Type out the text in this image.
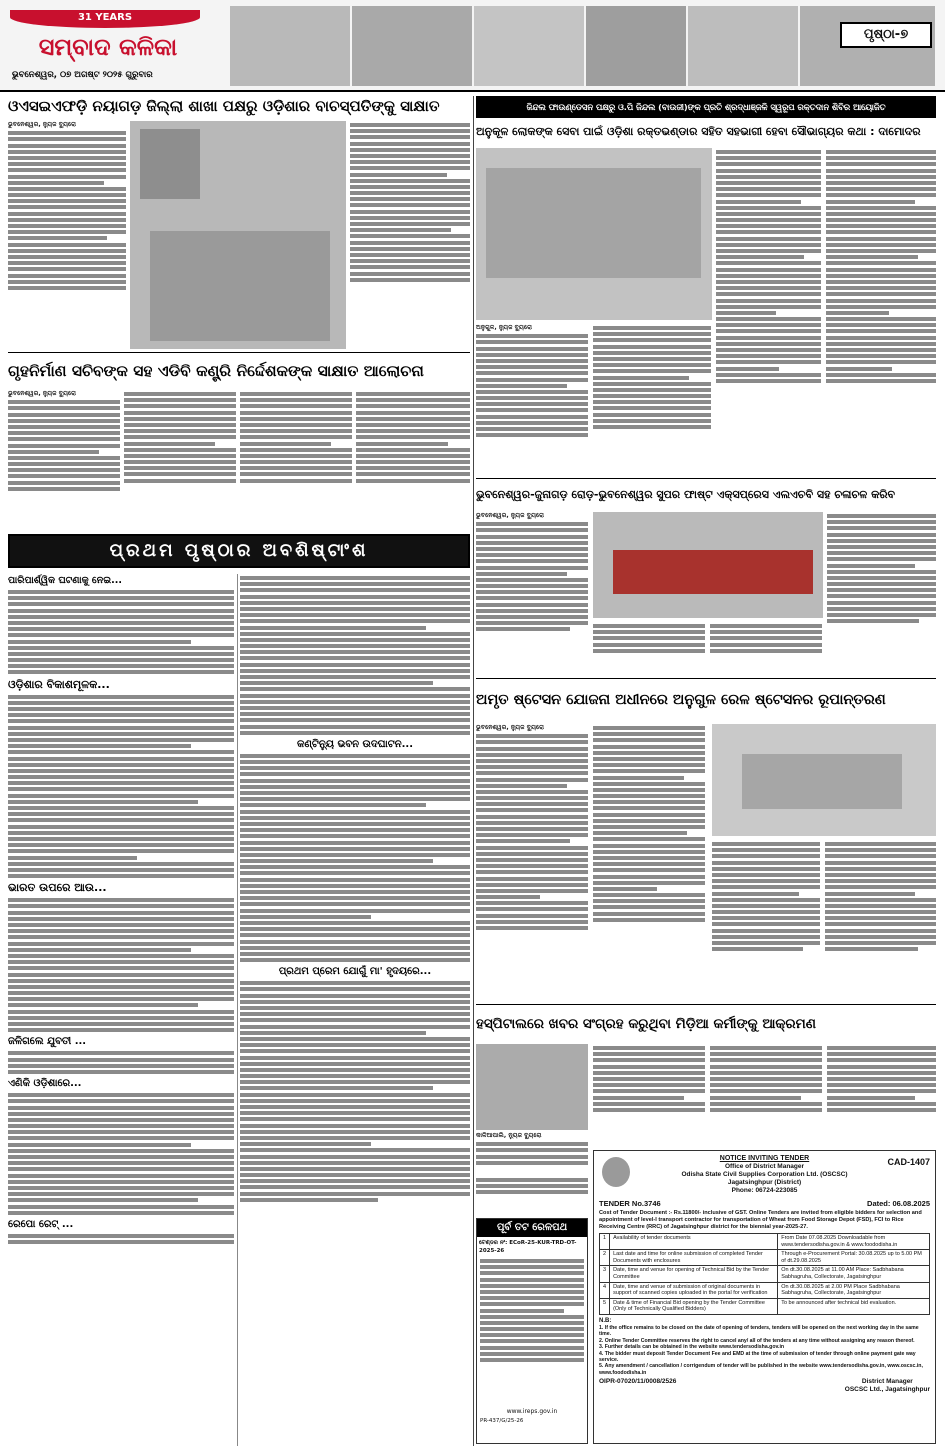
31 YEARS
ସମ୍ବାଦ କଳିକା
ଭୁବନେଶ୍ୱର, ୦୭ ଅଗଷ୍ଟ ୨୦୨୫ ଗୁରୁବାର
ପୃଷ୍ଠା-୭
ଓଏସଇଏଫଡ଼ି ନୟାଗଡ଼ ଜିଲ୍ଲା ଶାଖା ପକ୍ଷରୁ ଓଡ଼ିଶାର ବାଚସ୍ପତିଙ୍କୁ ସାକ୍ଷାତ
ଭୁବନେଶ୍ୱର, ନ୍ୟୁଜ ବ୍ୟୁରୋ
ଜିନ୍ଦଲ ଫାଉଣ୍ଡେସନ ପକ୍ଷରୁ ଓ.ପି ଜିନ୍ଦଲ (ବାଉଜୀ)ଙ୍କ ପ୍ରତି ଶ୍ରଦ୍ଧାଞ୍ଜଳି ସ୍ୱରୂପ ରକ୍ତଦାନ ଶିବିର ଆୟୋଜିତ
ଅନୁକୂଳ ଲୋକଙ୍କ ସେବା ପାଇଁ ଓଡ଼ିଶା ରକ୍ତଭଣ୍ଡାର ସହିତ ସହଭାଗୀ ହେବା ସୌଭାଗ୍ୟର କଥା : ଦାମୋଦର
ଅନୁଗୁଳ, ନ୍ୟୁଜ ବ୍ୟୁରୋ
ଗୃହନିର୍ମାଣ ସଚିବଙ୍କ ସହ ଏଡିବି କଣ୍ଟ୍ରି ନିର୍ଦ୍ଦେଶକଙ୍କ ସାକ୍ଷାତ ଆଲୋଚନା
ଭୁବନେଶ୍ୱର, ନ୍ୟୁଜ ବ୍ୟୁରୋ
ପ୍ରଥମ ପୃଷ୍ଠାର ଅବଶିଷ୍ଟାଂଶ
ପାରିପାର୍ଶ୍ୱିକ ଘଟଣାକୁ ନେଇ...
ଓଡ଼ିଶାର ବିକାଶମୂଳକ...
ଭାରତ ଉପରେ ଆଉ...
ଜଳିଗଲେ ଯୁବତୀ ...
ଏଣିକି ଓଡ଼ିଶାରେ...
ରେପୋ ରେଟ୍ ...
କଣ୍ଟିନ୍ୟୁ ଭବନ ଉଦଘାଟନ...
ପ୍ରଥମ ପ୍ରେମ ଯୋଗୁଁ ମା' ହୃଦୟରେ...
ଭୁବନେଶ୍ୱର-ଜୁନାଗଡ଼ ରୋଡ଼-ଭୁବନେଶ୍ୱର ସୁପର ଫାଷ୍ଟ ଏକ୍ସପ୍ରେସ ଏଲଏଚବି ସହ ଚଳାଚଳ କରିବ
ଭୁବନେଶ୍ୱର, ନ୍ୟୁଜ ବ୍ୟୁରୋ
ଅମୃତ ଷ୍ଟେସନ ଯୋଜନା ଅଧୀନରେ ଅନୁଗୁଳ ରେଳ ଷ୍ଟେସନର ରୂପାନ୍ତରଣ
ଭୁବନେଶ୍ୱର, ନ୍ୟୁଜ ବ୍ୟୁରୋ
ହସ୍ପିଟାଲରେ ଖବର ସଂଗ୍ରହ କରୁଥିବା ମିଡ଼ିଆ କର୍ମୀଙ୍କୁ ଆକ୍ରମଣ
କାଳିଆପାଲି, ନ୍ୟୁଜ ବ୍ୟୁରୋ
ପୂର୍ବ ତଟ ରେଳପଥ
ଟେଣ୍ଡର ନଂ: ECoR-25-KUR-TRD-OT-2025-26
www.ireps.gov.in
PR-437/G/25-26
CAD-1407
NOTICE INVITING TENDER
Office of District Manager
Odisha State Civil Supplies Corporation Ltd. (OSCSC)
Jagatsinghpur (District)
Phone: 06724-223085
TENDER No.3746	Dated: 06.08.2025
Cost of Tender Document :- Rs.11800/- inclusive of GST. Online Tenders are invited from eligible bidders for selection and appointment of level-I transport contractor for transportation of Wheat from Food Storage Depot (FSD), FCI to Rice Receiving Centre (RRC) of Jagatsinghpur district for the biennial year-2025-27.
1	Availability of tender documents	From Date 07.08.2025 Downloadable from www.tendersodisha.gov.in & www.foododisha.in
2	Last date and time for online submission of completed Tender Documents with enclosures	Through e-Procurement Portal: 30.08.2025 up to 5.00 PM of dt.29.08.2025
3	Date, time and venue for opening of Technical Bid by the Tender Committee	On dt.30.08.2025 at 11.00 AM Place: Sadbhabana Sabhagruha, Collectorate, Jagatsinghpur
4	Date, time and venue of submission of original documents in support of scanned copies uploaded in the portal for verification	On dt.30.08.2025 at 2.00 PM Place Sadbhabana Sabhagruha, Collectorate, Jagatsinghpur
5	Date & time of Financial Bid opening by the Tender Committee (Only of Technically Qualified Bidders)	To be announced after technical bid evaluation.
N.B:
1. If the office remains to be closed on the date of opening of tenders, tenders will be opened on the next working day in the same time.
2. Online Tender Committee reserves the right to cancel any/ all of the tenders at any time without assigning any reason thereof.
3. Further details can be obtained in the website www.tendersodisha.gov.in
4. The bidder must deposit Tender Document Fee and EMD at the time of submission of tender through online payment gate way service.
5. Any amendment / cancellation / corrigendum of tender will be published in the website www.tendersodisha.gov.in, www.oscsc.in, www.foododisha.in
OIPR-07020/11/0008/2526	District Manager
OSCSC Ltd., Jagatsinghpur
